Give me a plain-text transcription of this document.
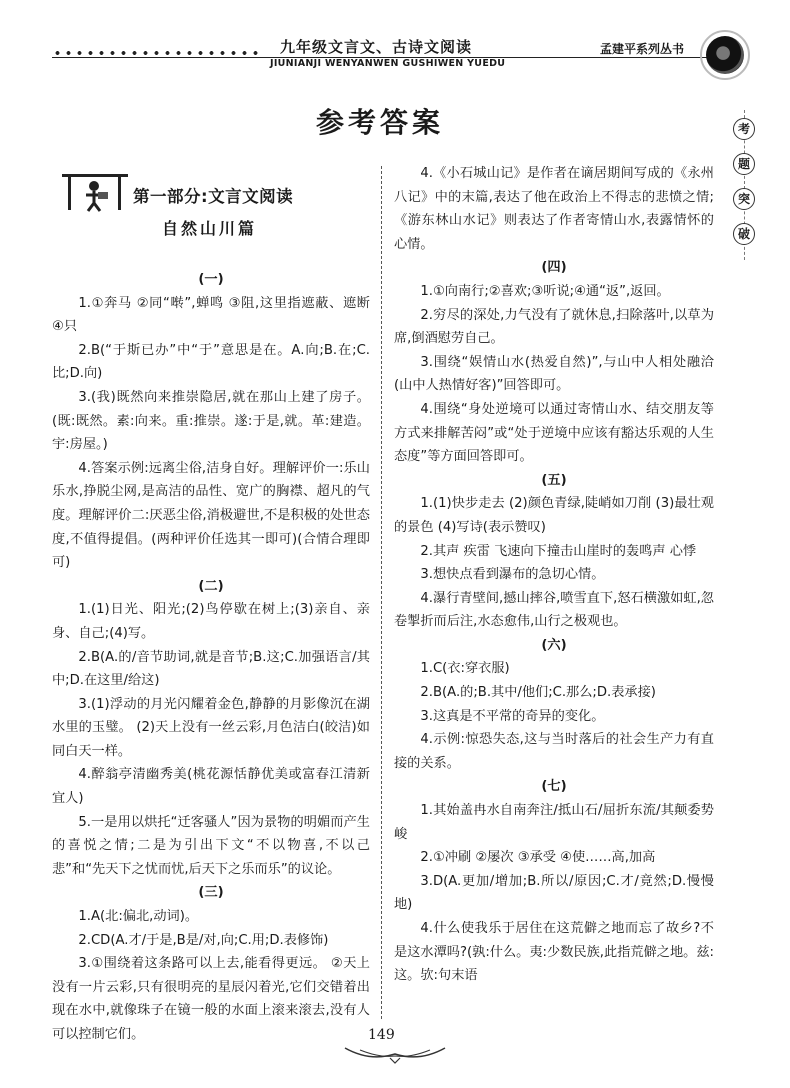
九年级文言文、古诗文阅读
JIUNIANJI WENYANWEN GUSHIWEN YUEDU
孟建平系列丛书
考
题
突
破
参考答案
第一部分:文言文阅读
自然山川篇
(一)

1.①奔马 ②同“啭”,蝉鸣 ③阻,这里指遮蔽、遮断 ④只

2.B(“于斯已办”中“于”意思是在。A.向;B.在;C.比;D.向)

3.(我)既然向来推崇隐居,就在那山上建了房子。(既:既然。素:向来。重:推崇。遂:于是,就。革:建造。宇:房屋。)

4.答案示例:远离尘俗,洁身自好。理解评价一:乐山乐水,挣脱尘网,是高洁的品性、宽广的胸襟、超凡的气度。理解评价二:厌恶尘俗,消极避世,不是积极的处世态度,不值得提倡。(两种评价任选其一即可)(合情合理即可)

(二)

1.(1)日光、阳光;(2)鸟停歇在树上;(3)亲自、亲身、自己;(4)写。

2.B(A.的/音节助词,就是音节;B.这;C.加强语言/其中;D.在这里/给这)

3.(1)浮动的月光闪耀着金色,静静的月影像沉在湖水里的玉璧。 (2)天上没有一丝云彩,月色洁白(皎洁)如同白天一样。

4.醉翁亭清幽秀美(桃花源恬静优美或富春江清新宜人)

5.一是用以烘托“迁客骚人”因为景物的明媚而产生的喜悦之情;二是为引出下文“不以物喜,不以己悲”和“先天下之忧而忧,后天下之乐而乐”的议论。

(三)

1.A(北:偏北,动词)。

2.CD(A.才/于是,B是/对,向;C.用;D.表修饰)

3.①围绕着这条路可以上去,能看得更远。 ②天上没有一片云彩,只有很明亮的星辰闪着光,它们交错着出现在水中,就像珠子在镜一般的水面上滚来滚去,没有人可以控制它们。

4.《小石城山记》是作者在谪居期间写成的《永州八记》中的末篇,表达了他在政治上不得志的悲愤之情;《游东林山水记》则表达了作者寄情山水,表露情怀的心情。

(四)

1.①向南行;②喜欢;③听说;④通“返”,返回。

2.穷尽的深处,力气没有了就休息,扫除落叶,以草为席,倒酒慰劳自己。

3.围绕“娱情山水(热爱自然)”,与山中人相处融洽(山中人热情好客)”回答即可。

4.围绕“身处逆境可以通过寄情山水、结交朋友等方式来排解苦闷”或“处于逆境中应该有豁达乐观的人生态度”等方面回答即可。

(五)

1.(1)快步走去 (2)颜色青绿,陡峭如刀削 (3)最壮观的景色 (4)写诗(表示赞叹)

2.其声 疾雷 飞速向下撞击山崖时的轰鸣声 心悸

3.想快点看到瀑布的急切心情。

4.瀑行青壁间,撼山摔谷,喷雪直下,怒石横激如虹,忽卷掣折而后注,水态愈伟,山行之极观也。

(六)

1.C(衣:穿衣服)

2.B(A.的;B.其中/他们;C.那么;D.表承接)

3.这真是不平常的奇异的变化。

4.示例:惊恐失态,这与当时落后的社会生产力有直接的关系。

(七)

1.其始盖冉水自南奔注/抵山石/屈折东流/其颠委势峻

2.①冲刷 ②屡次 ③承受 ④使……高,加高

3.D(A.更加/增加;B.所以/原因;C.才/竟然;D.慢慢地)

4.什么使我乐于居住在这荒僻之地而忘了故乡?不是这水潭吗?(孰:什么。夷:少数民族,此指荒僻之地。兹:这。欤:句末语

149
